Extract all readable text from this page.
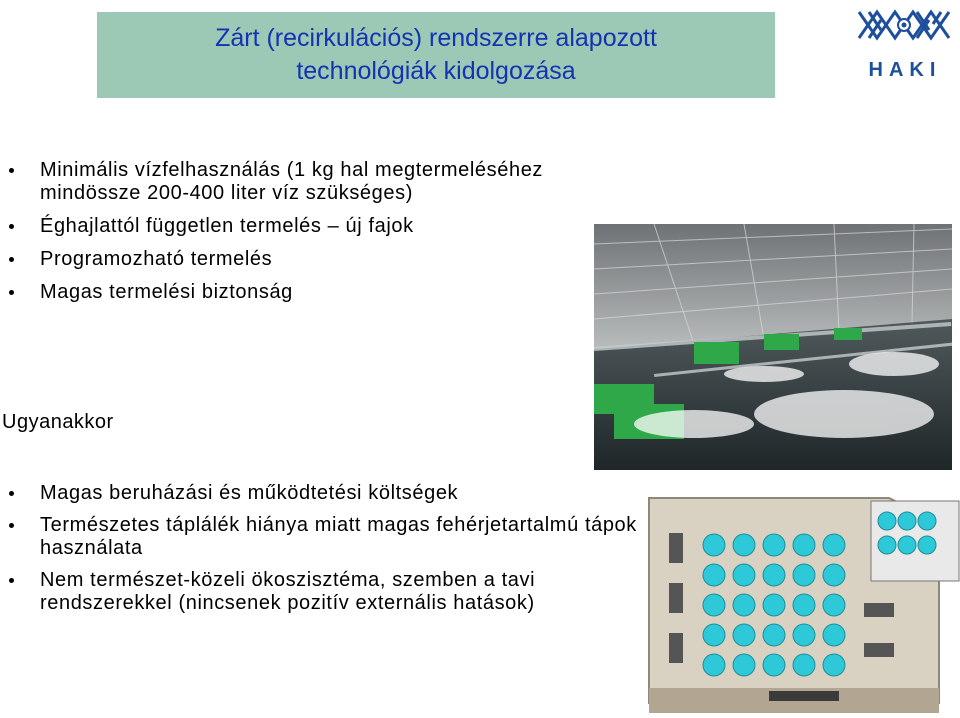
Zárt (recirkulációs) rendszerre alapozott
technológiák kidolgozása	HAKI
Minimális vízfelhasználás (1 kg hal megtermeléséhez mindössze 200-400 liter víz szükséges)
Éghajlattól független termelés – új fajok
Programozható termelés
Magas termelési biztonság
Ugyanakkor
Magas beruházási és működtetési költségek
Természetes táplálék hiánya miatt magas fehérjetartalmú tápok használata
Nem természet-közeli ökoszisztéma, szemben a tavi rendszerekkel (nincsenek pozitív externális hatások)
